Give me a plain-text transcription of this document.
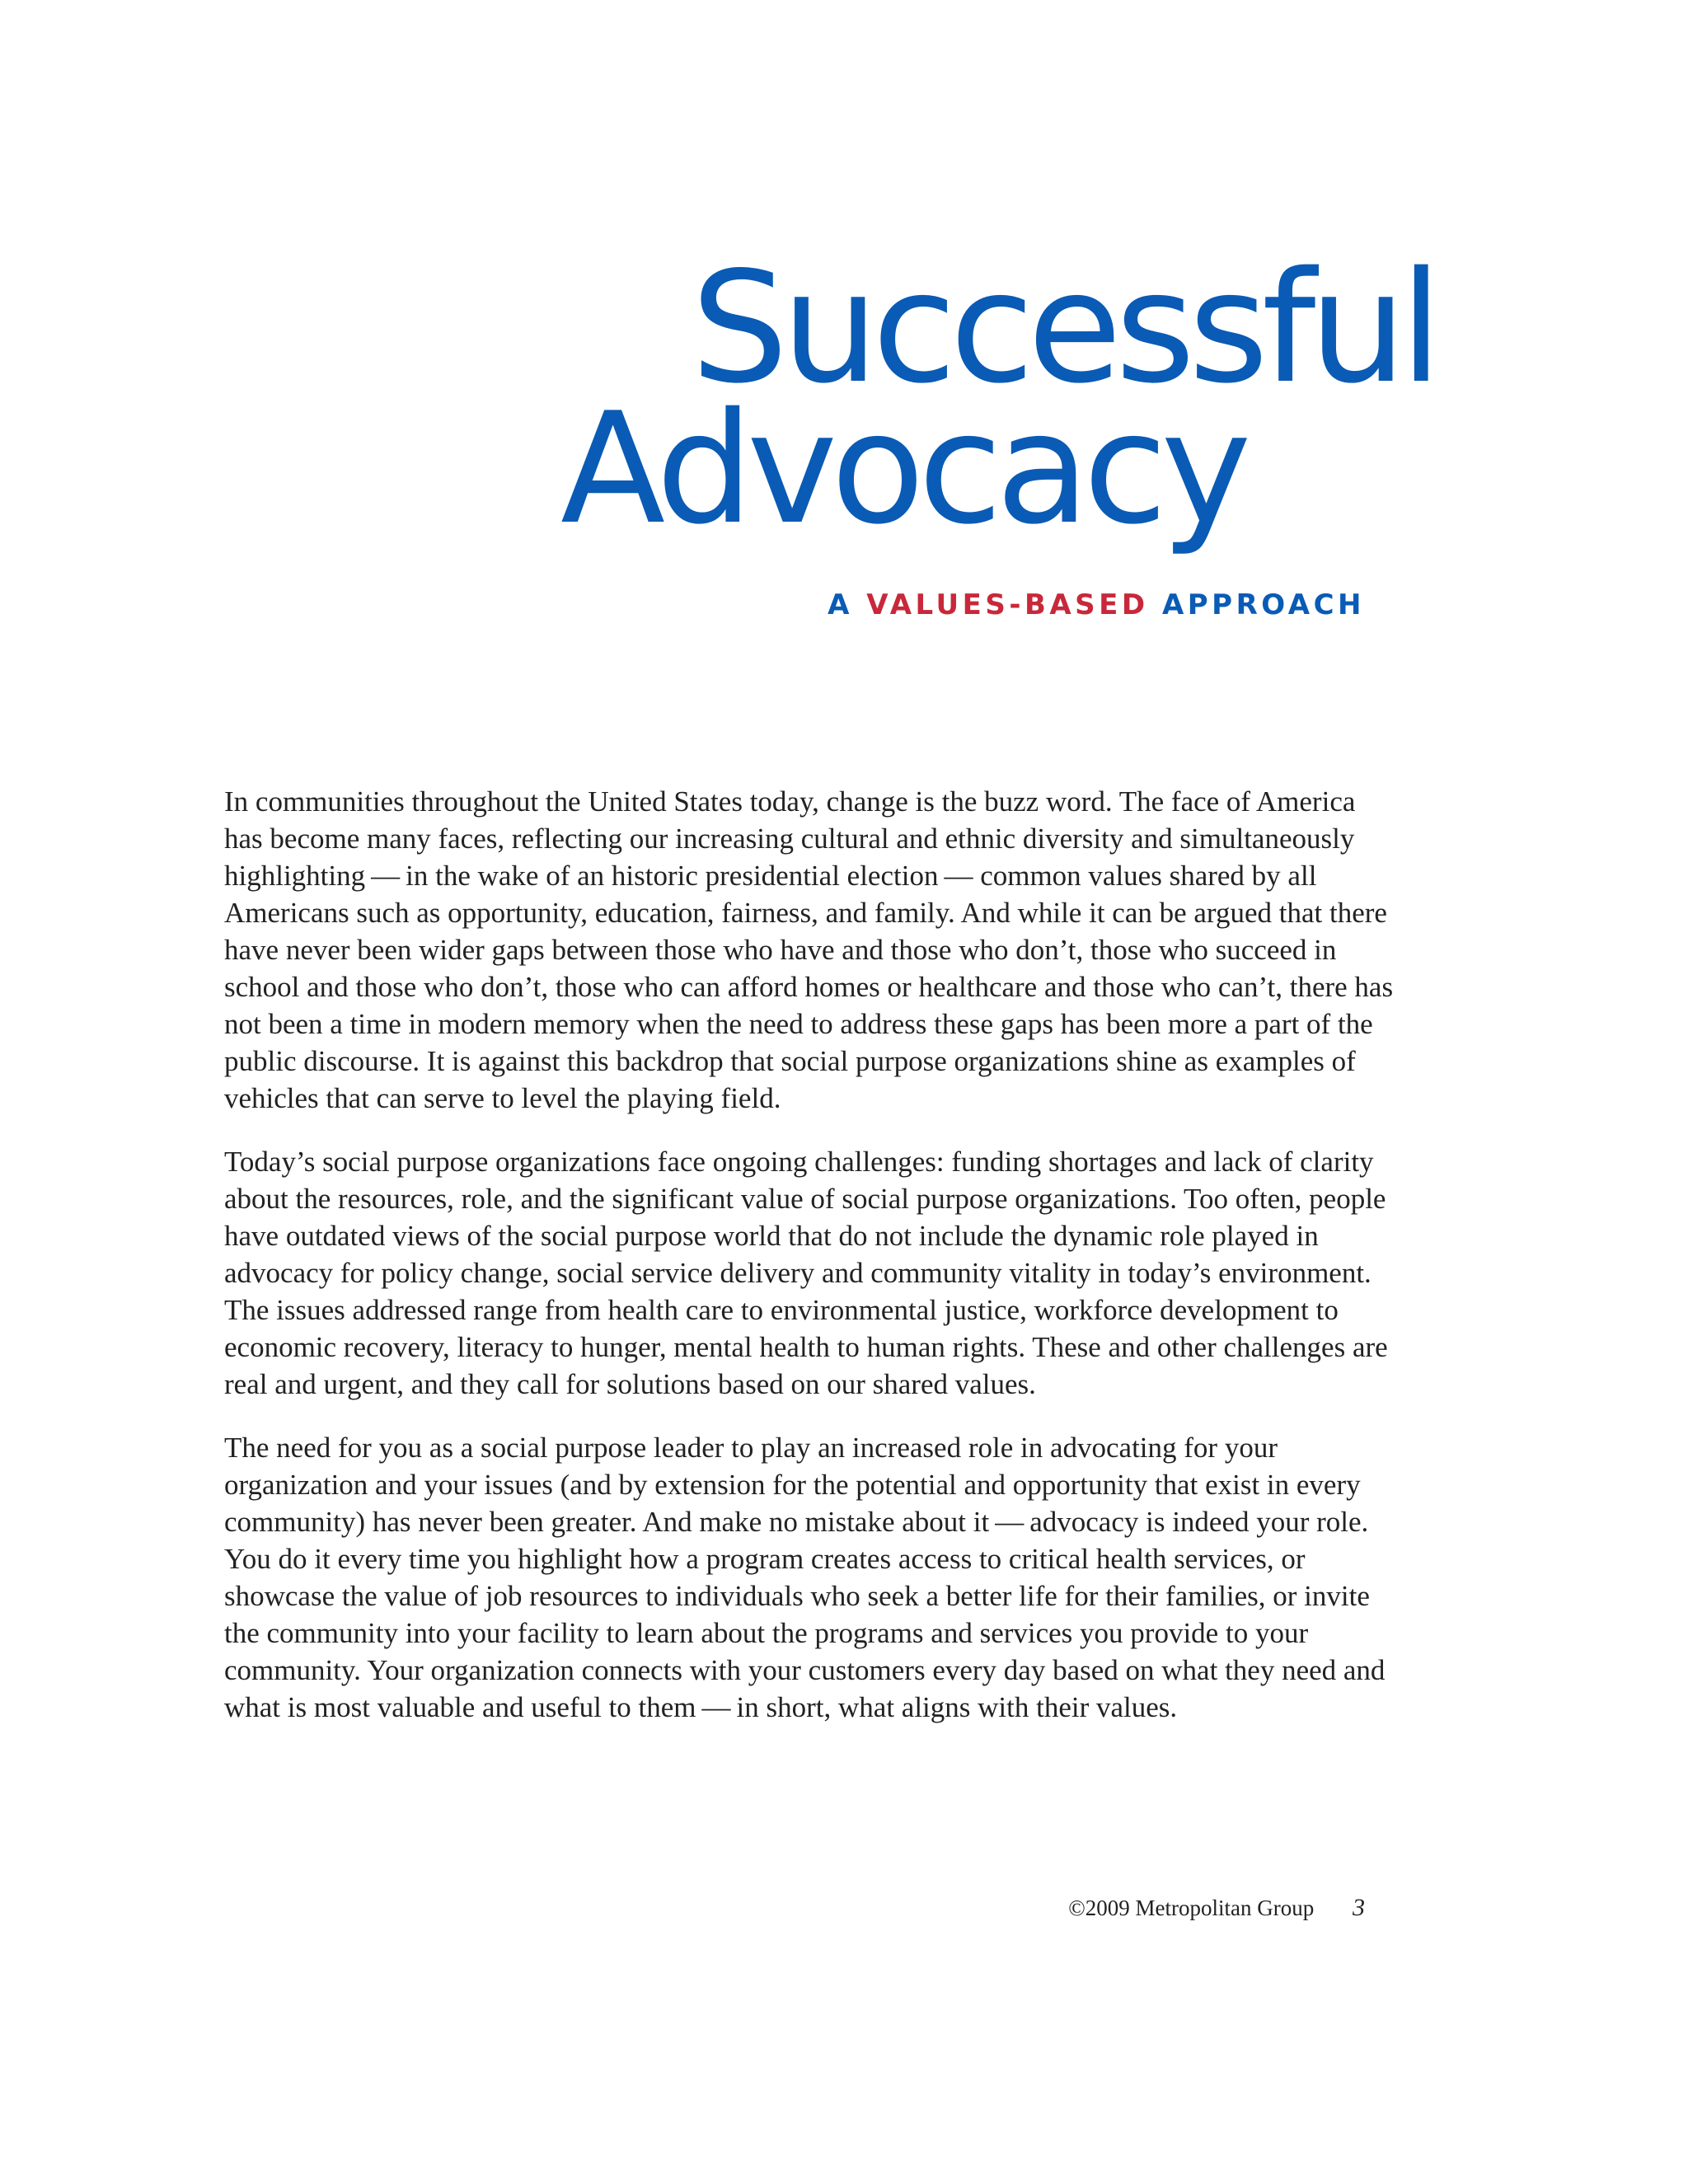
Successful
Advocacy
A VALUES-BASED APPROACH

In communities throughout the United States today, change is the buzz word. The face of America has become many faces, reflecting our increasing cultural and ethnic diversity and simultaneously highlighting — in the wake of an historic presidential election — common values shared by all Americans such as opportunity, education, fairness, and family. And while it can be argued that there have never been wider gaps between those who have and those who don’t, those who succeed in school and those who don’t, those who can afford homes or healthcare and those who can’t, there has not been a time in modern memory when the need to address these gaps has been more a part of the public discourse. It is against this backdrop that social purpose organizations shine as examples of vehicles that can serve to level the playing field.

Today’s social purpose organizations face ongoing challenges: funding shortages and lack of clarity about the resources, role, and the significant value of social purpose organizations. Too often, people have outdated views of the social purpose world that do not include the dynamic role played in advocacy for policy change, social service delivery and community vitality in today’s environment. The issues addressed range from health care to environmental justice, workforce development to economic recovery, literacy to hunger, mental health to human rights. These and other challenges are real and urgent, and they call for solutions based on our shared values.

The need for you as a social purpose leader to play an increased role in advocating for your organization and your issues (and by extension for the potential and opportunity that exist in every community) has never been greater. And make no mistake about it — advocacy is indeed your role. You do it every time you highlight how a program creates access to critical health services, or showcase the value of job resources to individuals who seek a better life for their families, or invite the community into your facility to learn about the programs and services you provide to your community. Your organization connects with your customers every day based on what they need and what is most valuable and useful to them — in short, what aligns with their values.

©2009 Metropolitan Group 3
